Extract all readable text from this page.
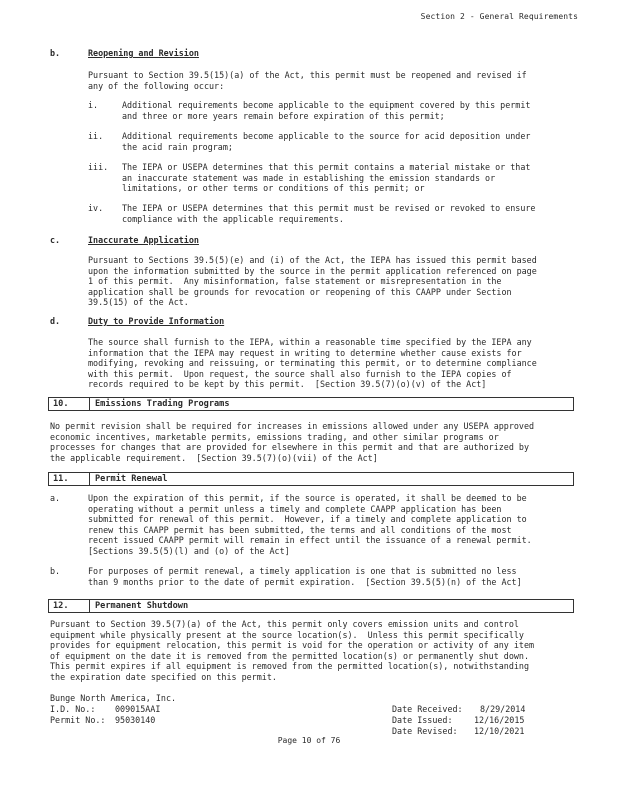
Section 2 - General Requirements
b.	Reopening and Revision
Pursuant to Section 39.5(15)(a) of the Act, this permit must be reopened and revised if
any of the following occur:
i.	Additional requirements become applicable to the equipment covered by this permit
and three or more years remain before expiration of this permit;
ii. Additional requirements become applicable to the source for acid deposition under
the acid rain program;
iii. The IEPA or USEPA determines that this permit contains a material mistake or that
an inaccurate statement was made in establishing the emission standards or
limitations, or other terms or conditions of this permit; or
iv. The IEPA or USEPA determines that this permit must be revised or revoked to ensure
compliance with the applicable requirements.
c.	Inaccurate Application
Pursuant to Sections 39.5(5)(e) and (i) of the Act, the IEPA has issued this permit based
upon the information submitted by the source in the permit application referenced on page
1 of this permit.  Any misinformation, false statement or misrepresentation in the
application shall be grounds for revocation or reopening of this CAAPP under Section
39.5(15) of the Act.
d.	Duty to Provide Information
The source shall furnish to the IEPA, within a reasonable time specified by the IEPA any
information that the IEPA may request in writing to determine whether cause exists for
modifying, revoking and reissuing, or terminating this permit, or to determine compliance
with this permit.  Upon request, the source shall also furnish to the IEPA copies of
records required to be kept by this permit.  [Section 39.5(7)(o)(v) of the Act]
10.	Emissions Trading Programs
No permit revision shall be required for increases in emissions allowed under any USEPA approved
economic incentives, marketable permits, emissions trading, and other similar programs or
processes for changes that are provided for elsewhere in this permit and that are authorized by
the applicable requirement.  [Section 39.5(7)(o)(vii) of the Act]
11.	Permit Renewal
a.	Upon the expiration of this permit, if the source is operated, it shall be deemed to be
operating without a permit unless a timely and complete CAAPP application has been
submitted for renewal of this permit.  However, if a timely and complete application to
renew this CAAPP permit has been submitted, the terms and all conditions of the most
recent issued CAAPP permit will remain in effect until the issuance of a renewal permit.
[Sections 39.5(5)(l) and (o) of the Act]
b.	For purposes of permit renewal, a timely application is one that is submitted no less
than 9 months prior to the date of permit expiration.  [Section 39.5(5)(n) of the Act]
12.	Permanent Shutdown
Pursuant to Section 39.5(7)(a) of the Act, this permit only covers emission units and control
equipment while physically present at the source location(s).  Unless this permit specifically
provides for equipment relocation, this permit is void for the operation or activity of any item
of equipment on the date it is removed from the permitted location(s) or permanently shut down.
This permit expires if all equipment is removed from the permitted location(s), notwithstanding
the expiration date specified on this permit.
Bunge North America, Inc.
I.D. No.: 009015AAI
Permit No.: 95030140
Date Received: 8/29/2014
Date Issued:	12/16/2015
Date Revised: 12/10/2021
Page 10 of 76
